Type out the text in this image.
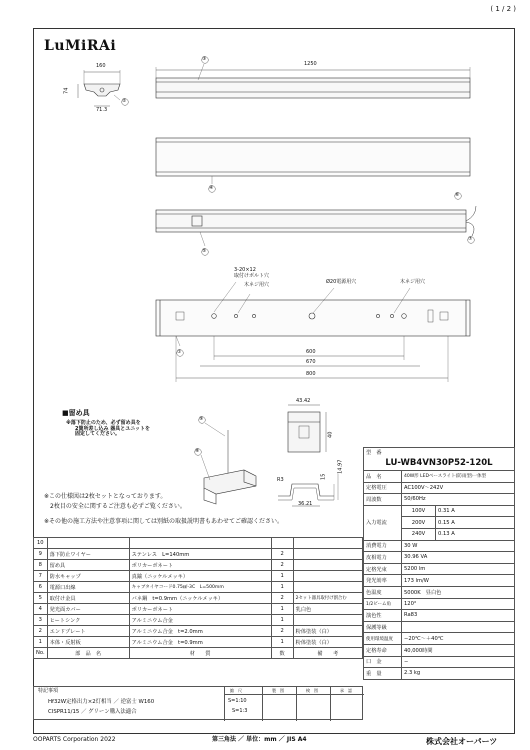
( 1 / 2 )
LuMiRAi
160
74
71.3
1250
3-20×12
取付けボルト穴
木ネジ用穴	Ø20電源用穴	木ネジ用穴
600
670
800
43.42
40
15
14.97
R3
36.21
②
③
④
⑥
⑦
⑤
①
⑨
⑧
■留め具
※落下防止のため、必ず留め具を
2箇所差し込み 器具とユニットを
固定してください。
※この仕様図は2枚セットとなっております。
　2枚目の安全に関するご注意も必ずご覧ください。
※その他の施工方法や注意事項に関しては別紙の取扱説明書もあわせてご確認ください。
型　番		
LU-WB4VN30P52-120L		
品　名	40W形 LEDベースライト(防雨型)一体型	
定格電圧	AC100V〜242V	
周波数	50/60Hz	
入力電流	100V	0.31 A
	200V	0.15 A
	240V	0.13 A
消費電力	30 W	
皮相電力	30.96 VA	
定格光束	5200 lm	
発光効率	173 lm/W	
色温度	5000K　昼白色	
1/2ビーム角	120°	
演色性	Ra83	
保護等級		
使用環境温度	−20℃〜＋40℃	
定格寿命	40,000時間	
口　金	−	
重　量	2.3 kg	
10				
9	落下防止ワイヤー	ステンレス　L=140mm	2	
8	留め具	ポリカーボネート	2	
7	防水キャップ	真鍮（ニッケルメッキ）	1	
6	電源口出線	キャブタイヤコード0.75㎟-3C　L=500mm	1	
5	取付け金具	バネ鋼　t=0.9mm（ニッケルメッキ）	2	2セット器具取付け割合む
4	発光面カバー	ポリカーボネート	1	乳白色
3	ヒートシンク	アルミニウム合金	1	
2	エンドプレート	アルミニウム合金　t=2.0mm	2	粉体塗装（白）
1	本体・反射板	アルミニウム合金　t=0.9mm	1	粉体塗装（白）
No.	部　品　名	材　　質	数	備　　考
特記事項
Hf32W定格出力×2灯相当 ／ 逆富士 W160
CISPR11/15 ／ グリーン購入法適合
縮　尺
S=1:10
S=1:3
製　図	検　図	承　認
OOPARTS Corporation 2022	第三角法 ／ 単位：mm ／ JIS A4	株式会社オーパーツ
